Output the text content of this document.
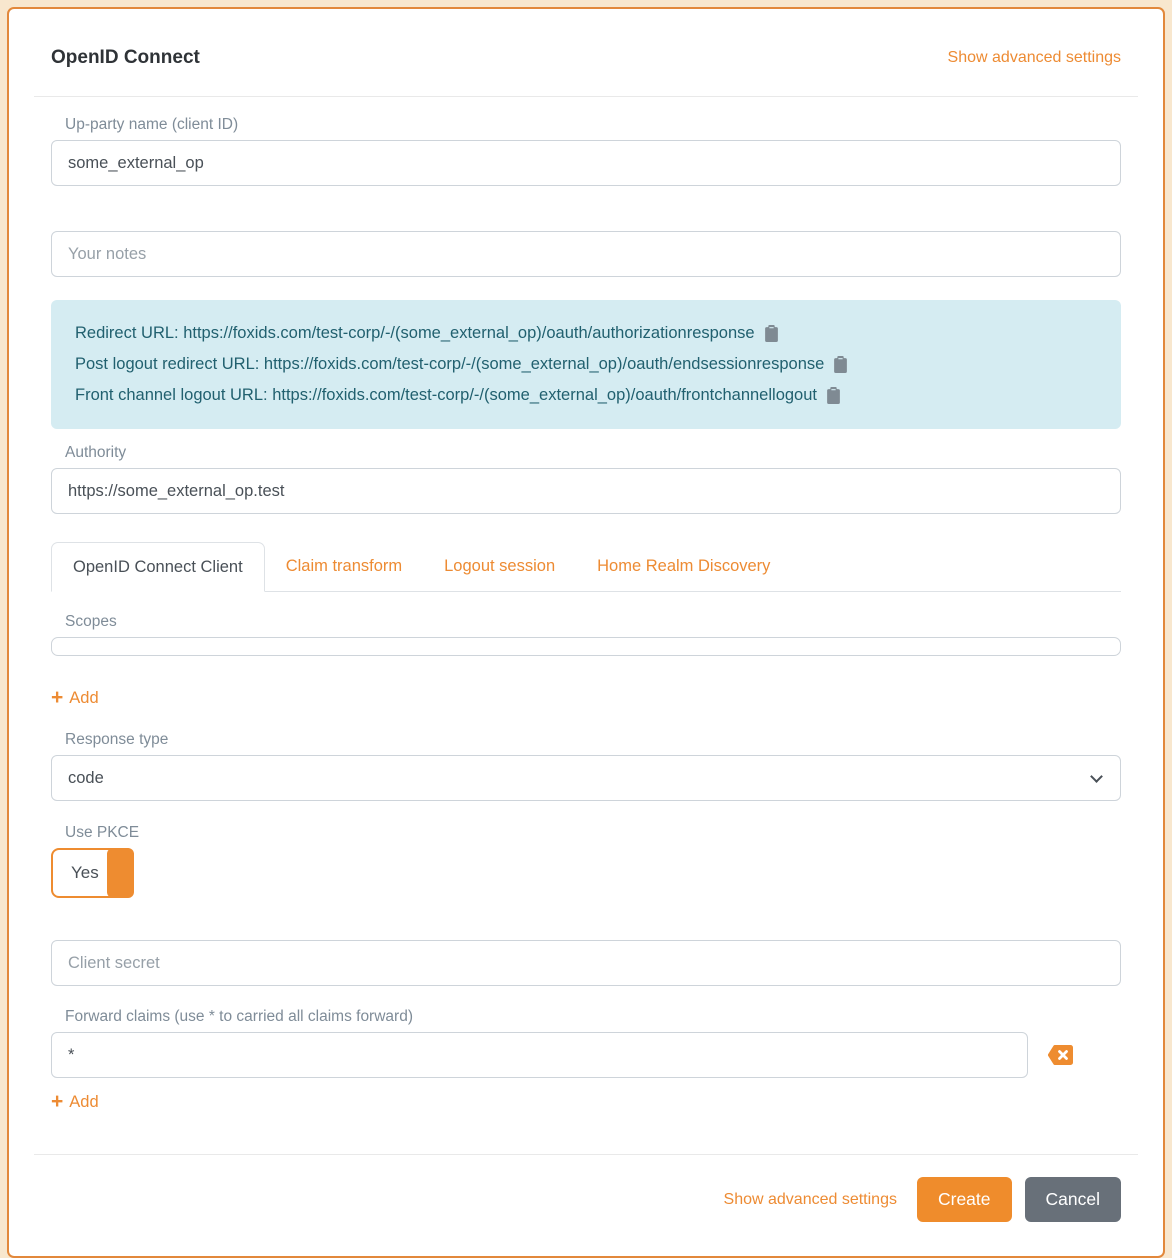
OpenID Connect	Show advanced settings
Up-party name (client ID)
some_external_op
Your notes
Redirect URL: https://foxids.com/test-corp/-/(some_external_op)/oauth/authorizationresponse
Post logout redirect URL: https://foxids.com/test-corp/-/(some_external_op)/oauth/endsessionresponse
Front channel logout URL: https://foxids.com/test-corp/-/(some_external_op)/oauth/frontchannellogout
Authority
https://some_external_op.test
OpenID Connect Client	Claim transform	Logout session	Home Realm Discovery
Scopes

+ Add
Response type
code
Use PKCE
Yes
Client secret
Forward claims (use * to carried all claims forward)
*
+ Add
Show advanced settings	Create	Cancel
